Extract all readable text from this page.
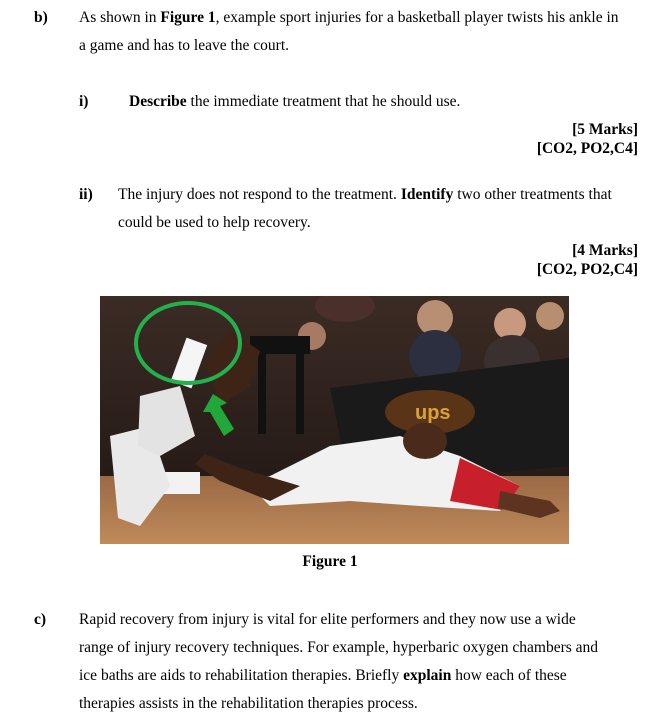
b) As shown in Figure 1, example sport injuries for a basketball player twists his ankle in
a game and has to leave the court.
i)	Describe the immediate treatment that he should use.
[5 Marks]
[CO2, PO2,C4]
ii) The injury does not respond to the treatment. Identify two other treatments that
could be used to help recovery.
[4 Marks]
[CO2, PO2,C4]
ups
Figure 1
c) Rapid recovery from injury is vital for elite performers and they now use a wide
range of injury recovery techniques. For example, hyperbaric oxygen chambers and
ice baths are aids to rehabilitation therapies. Briefly explain how each of these
therapies assists in the rehabilitation therapies process.
